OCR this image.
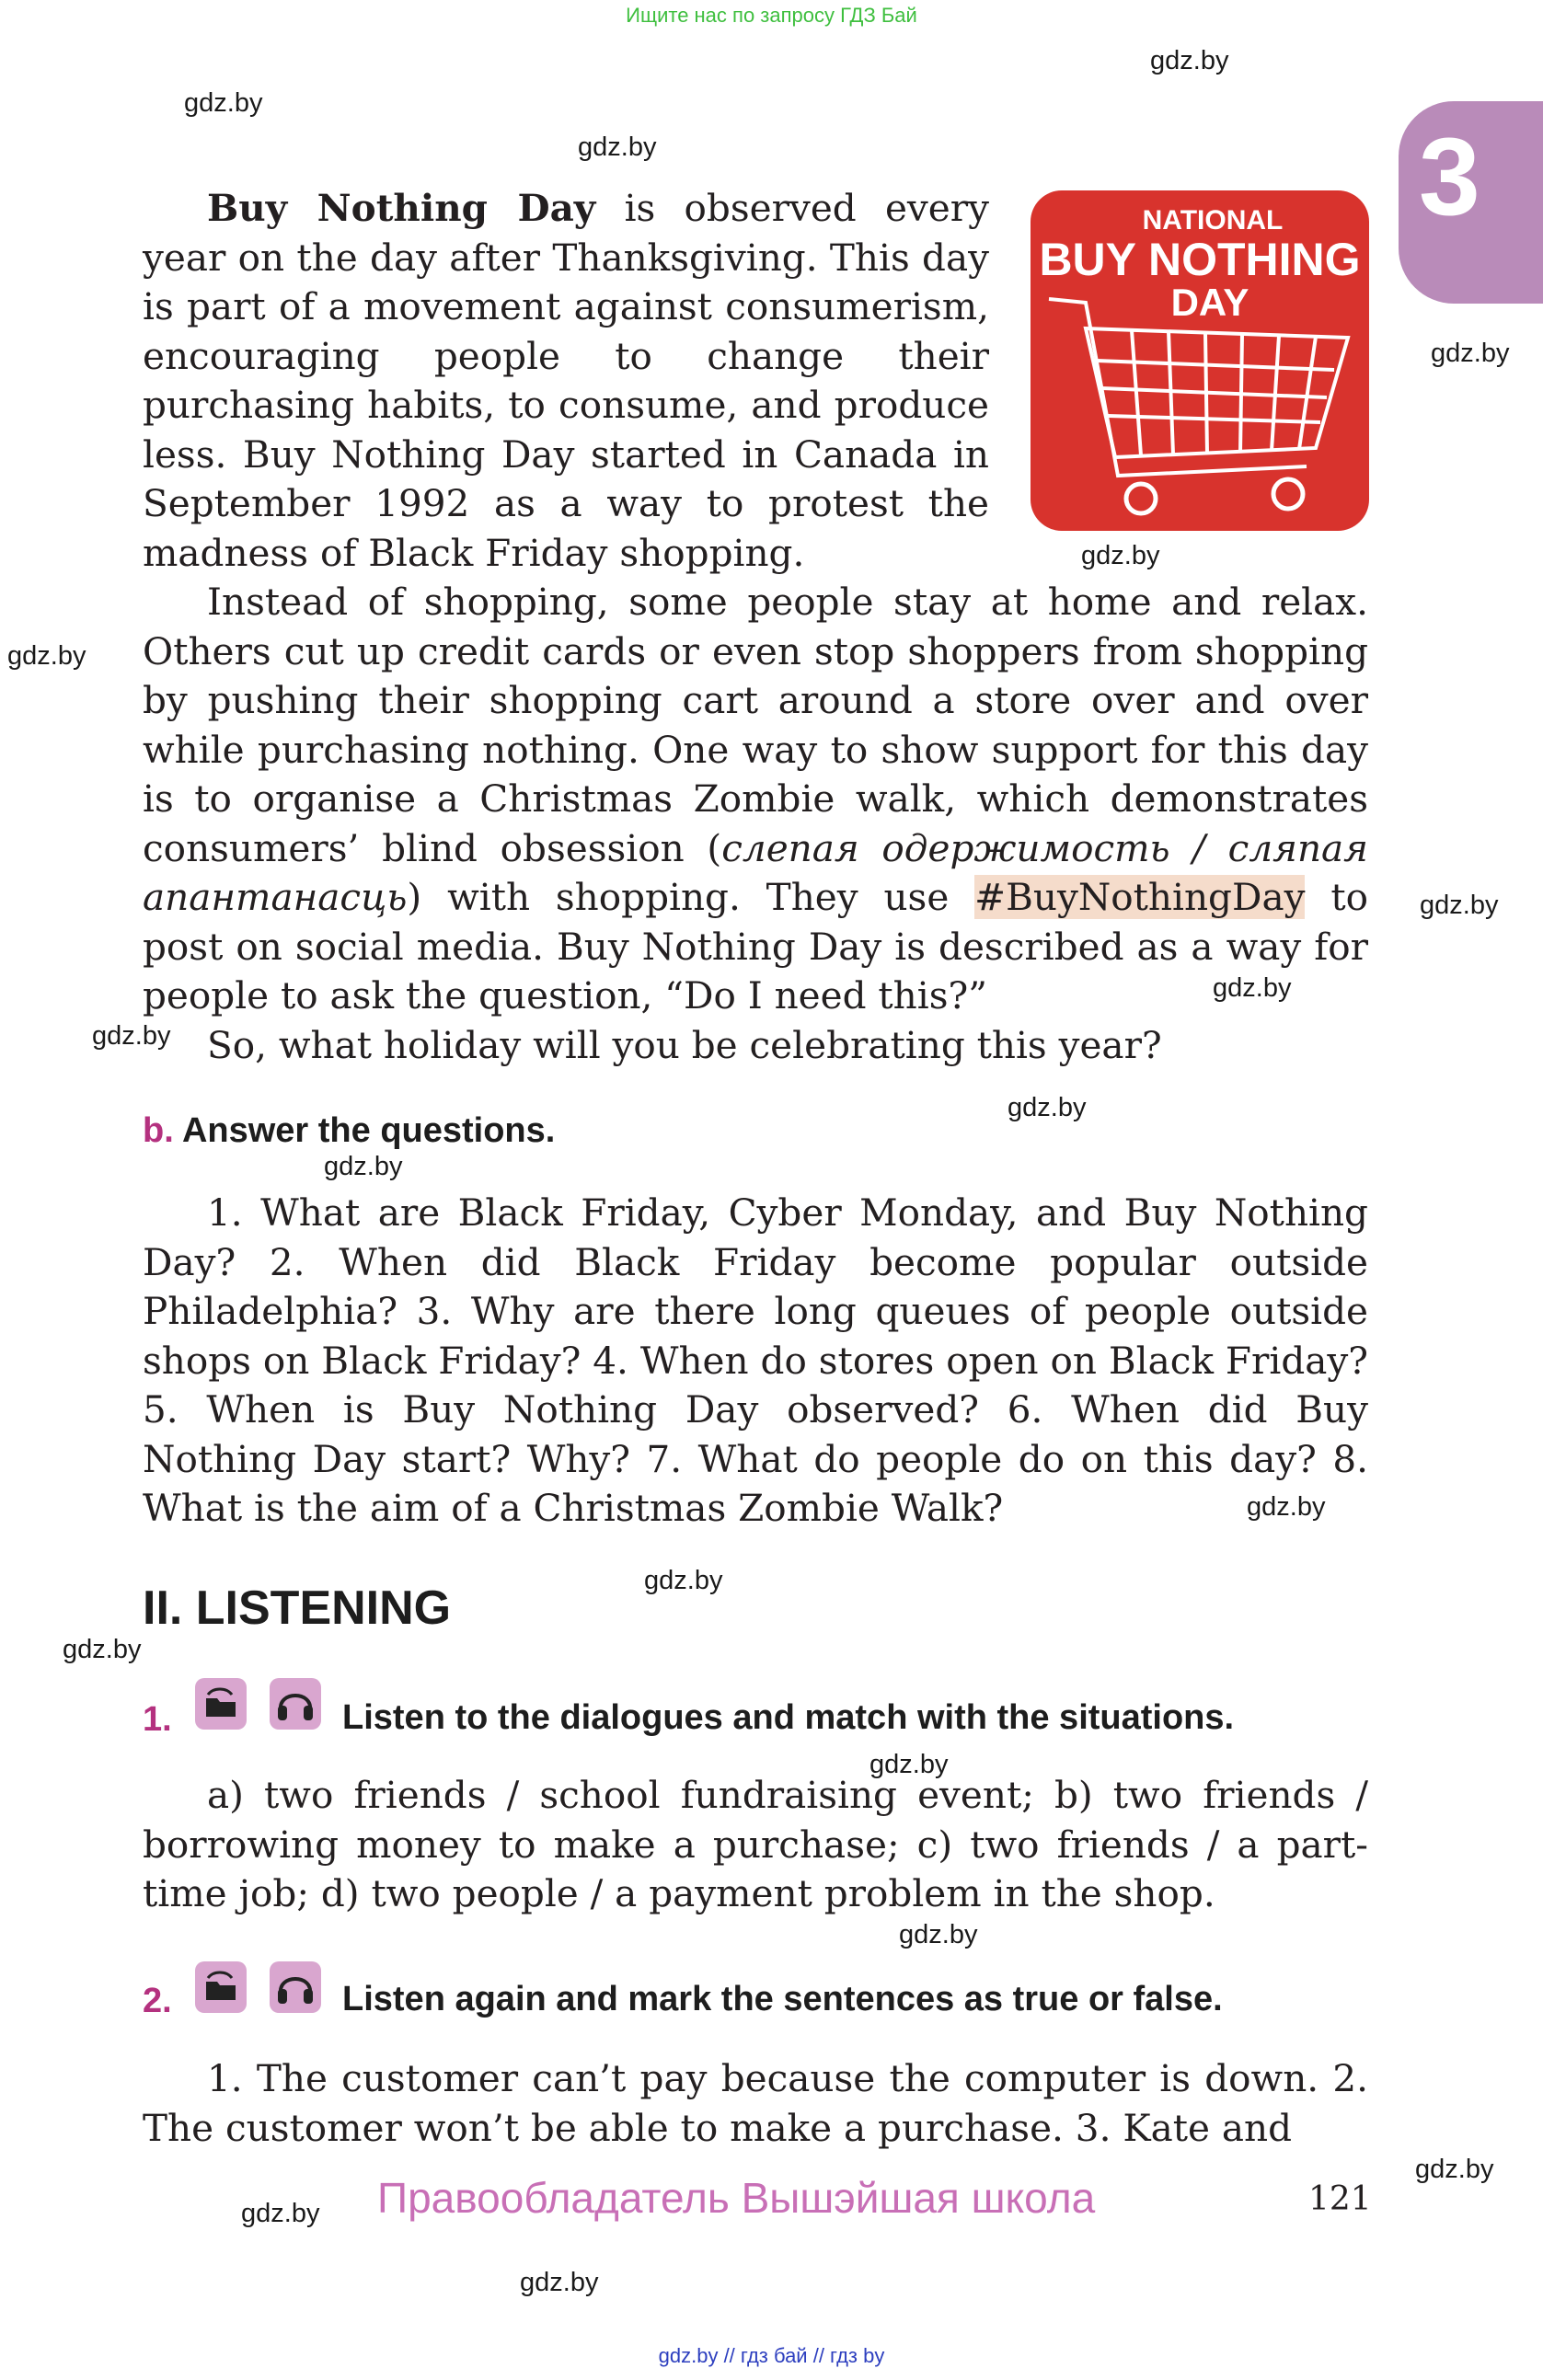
Ищите нас по запросу ГДЗ Бай
gdz.by
gdz.by
gdz.by
gdz.by
gdz.by
gdz.by
gdz.by
gdz.by
gdz.by
gdz.by
gdz.by
gdz.by
gdz.by
gdz.by
gdz.by
gdz.by
gdz.by
gdz.by
gdz.by
3
NATIONAL
BUY NOTHING
DAY
Buy Nothing Day is observed every year on the day after Thanksgiving. This day is part of a movement against consumerism, encouraging people to change their purchasing habits, to consume, and produce less. Buy Nothing Day started in Canada in September 1992 as a way to protest the madness of Black Friday shopping.
Instead of shopping, some people stay at home and relax. Others cut up credit cards or even stop shoppers from shopping by pushing their shopping cart around a store over and over while purchasing nothing. One way to show support for this day is to organise a Christmas Zombie walk, which demonstrates consumers’ blind obsession (слепая одержимость / сляпая апантанасць) with shopping. They use #BuyNothingDay to post on social media. Buy Nothing Day is described as a way for people to ask the question, “Do I need this?”
So, what holiday will you be celebrating this year?
b. Answer the questions.
1. What are Black Friday, Cyber Monday, and Buy Nothing Day? 2. When did Black Friday become popular outside Philadelphia? 3. Why are there long queues of people outside shops on Black Friday? 4. When do stores open on Black Friday? 5. When is Buy Nothing Day observed? 6. When did Buy Nothing Day start? Why? 7. What do people do on this day? 8. What is the aim of a Christmas Zombie Walk?
II. LISTENING
1.	Listen to the dialogues and match with the situations.
a) two friends / school fundraising event; b) two friends / borrowing money to make a purchase; c) two friends / a part-time job; d) two people / a payment problem in the shop.
2.	Listen again and mark the sentences as true or false.
1. The customer can’t pay because the computer is down. 2. The customer won’t be able to make a purchase. 3. Kate and
Правообладатель Вышэйшая школа	121
gdz.by // гдз бай // гдз by
